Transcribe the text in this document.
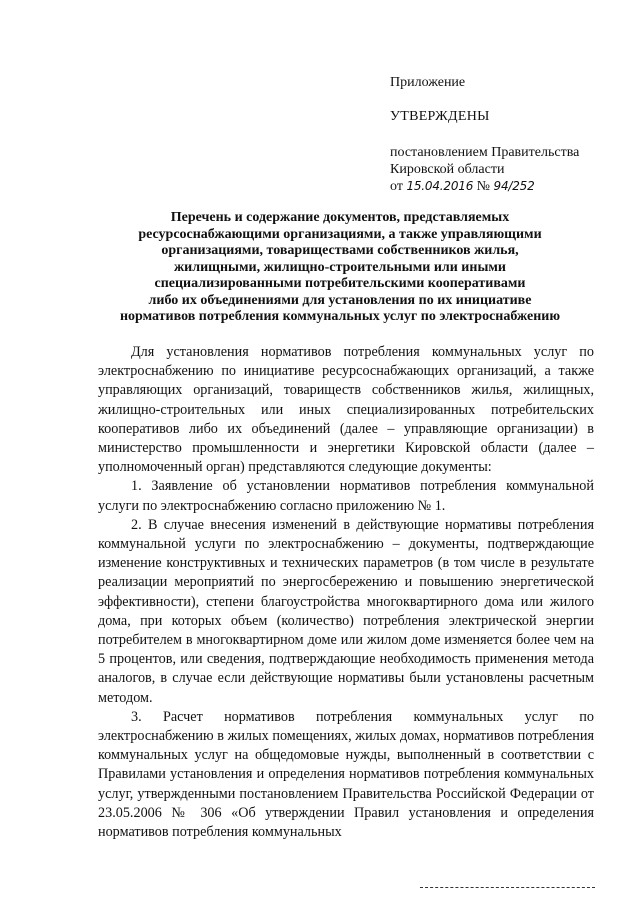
Приложение

УТВЕРЖДЕНЫ

постановлением Правительства

Кировской области

от 15.04.2016 № 94/252

Перечень и содержание документов, представляемых
ресурсоснабжающими организациями, а также управляющими
организациями, товариществами собственников жилья,
жилищными, жилищно-строительными или иными
специализированными потребительскими кооперативами
либо их объединениями для установления по их инициативе
нормативов потребления коммунальных услуг по электроснабжению

Для установления нормативов потребления коммунальных услуг по электроснабжению по инициативе ресурсоснабжающих организаций, а также управляющих организаций, товариществ собственников жилья, жилищных, жилищно-строительных или иных специализированных потребительских кооперативов либо их объединений (далее – управляющие организации) в министерство промышленности и энергетики Кировской области (далее – уполномоченный орган) представляются следующие документы:

1. Заявление об установлении нормативов потребления коммунальной услуги по электроснабжению согласно приложению № 1.

2. В случае внесения изменений в действующие нормативы потребления коммунальной услуги по электроснабжению – документы, подтверждающие изменение конструктивных и технических параметров (в том числе в результате реализации мероприятий по энергосбережению и повышению энергетической эффективности), степени благоустройства многоквартирного дома или жилого дома, при которых объем (количество) потребления электрической энергии потребителем в многоквартирном доме или жилом доме изменяется более чем на 5 процентов, или сведения, подтверждающие необходимость применения метода аналогов, в случае если действующие нормативы были установлены расчетным методом.

3. Расчет нормативов потребления коммунальных услуг по электроснабжению в жилых помещениях, жилых домах, нормативов потребления коммунальных услуг на общедомовые нужды, выполненный в соответствии с Правилами установления и определения нормативов потребления коммунальных услуг, утвержденными постановлением Правительства Российской Федерации от 23.05.2006 № 306 «Об утверждении Правил установления и определения нормативов потребления коммунальных
